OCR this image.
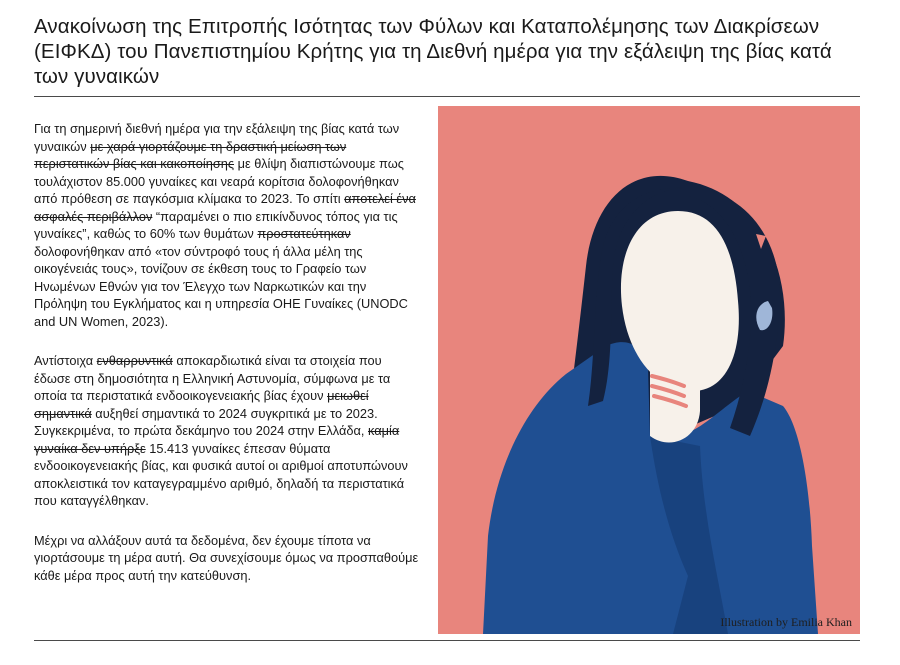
Ανακοίνωση της Επιτροπής Ισότητας των Φύλων και Καταπολέμησης των Διακρίσεων (ΕΙΦΚΔ) του Πανεπιστημίου Κρήτης για τη Διεθνή ημέρα για την εξάλειψη της βίας κατά των γυναικών

Για τη σημερινή διεθνή ημέρα για την εξάλειψη της βίας κατά των γυναικών με χαρά γιορτάζουμε τη δραστική μείωση των περιστατικών βίας και κακοποίησης με θλίψη διαπιστώνουμε πως τουλάχιστον 85.000 γυναίκες και νεαρά κορίτσια δολοφονήθηκαν από πρόθεση σε παγκόσμια κλίμακα το 2023. Το σπίτι αποτελεί ένα ασφαλές περιβάλλον “παραμένει ο πιο επικίνδυνος τόπος για τις γυναίκες”, καθώς το 60% των θυμάτων προστατεύτηκαν δολοφονήθηκαν από «τον σύντροφό τους ή άλλα μέλη της οικογένειάς τους», τονίζουν σε έκθεση τους το Γραφείο των Ηνωμένων Εθνών για τον Έλεγχο των Ναρκωτικών και την Πρόληψη του Εγκλήματος και η υπηρεσία ΟΗΕ Γυναίκες (UNODC and UN Women, 2023).

Αντίστοιχα ενθαρρυντικά αποκαρδιωτικά είναι τα στοιχεία που έδωσε στη δημοσιότητα η Ελληνική Αστυνομία, σύμφωνα με τα οποία τα περιστατικά ενδοοικογενειακής βίας έχουν μειωθεί σημαντικά αυξηθεί σημαντικά το 2024 συγκριτικά με το 2023. Συγκεκριμένα, το πρώτα δεκάμηνο του 2024 στην Ελλάδα, καμία γυναίκα δεν υπήρξε 15.413 γυναίκες έπεσαν θύματα ενδοοικογενειακής βίας, και φυσικά αυτοί οι αριθμοί αποτυπώνουν αποκλειστικά τον καταγεγραμμένο αριθμό, δηλαδή τα περιστατικά που καταγγέλθηκαν.

Μέχρι να αλλάξουν αυτά τα δεδομένα, δεν έχουμε τίποτα να γιορτάσουμε τη μέρα αυτή. Θα συνεχίσουμε όμως να προσπαθούμε κάθε μέρα προς αυτή την κατεύθυνση.

Illustration by Emilia Khan
